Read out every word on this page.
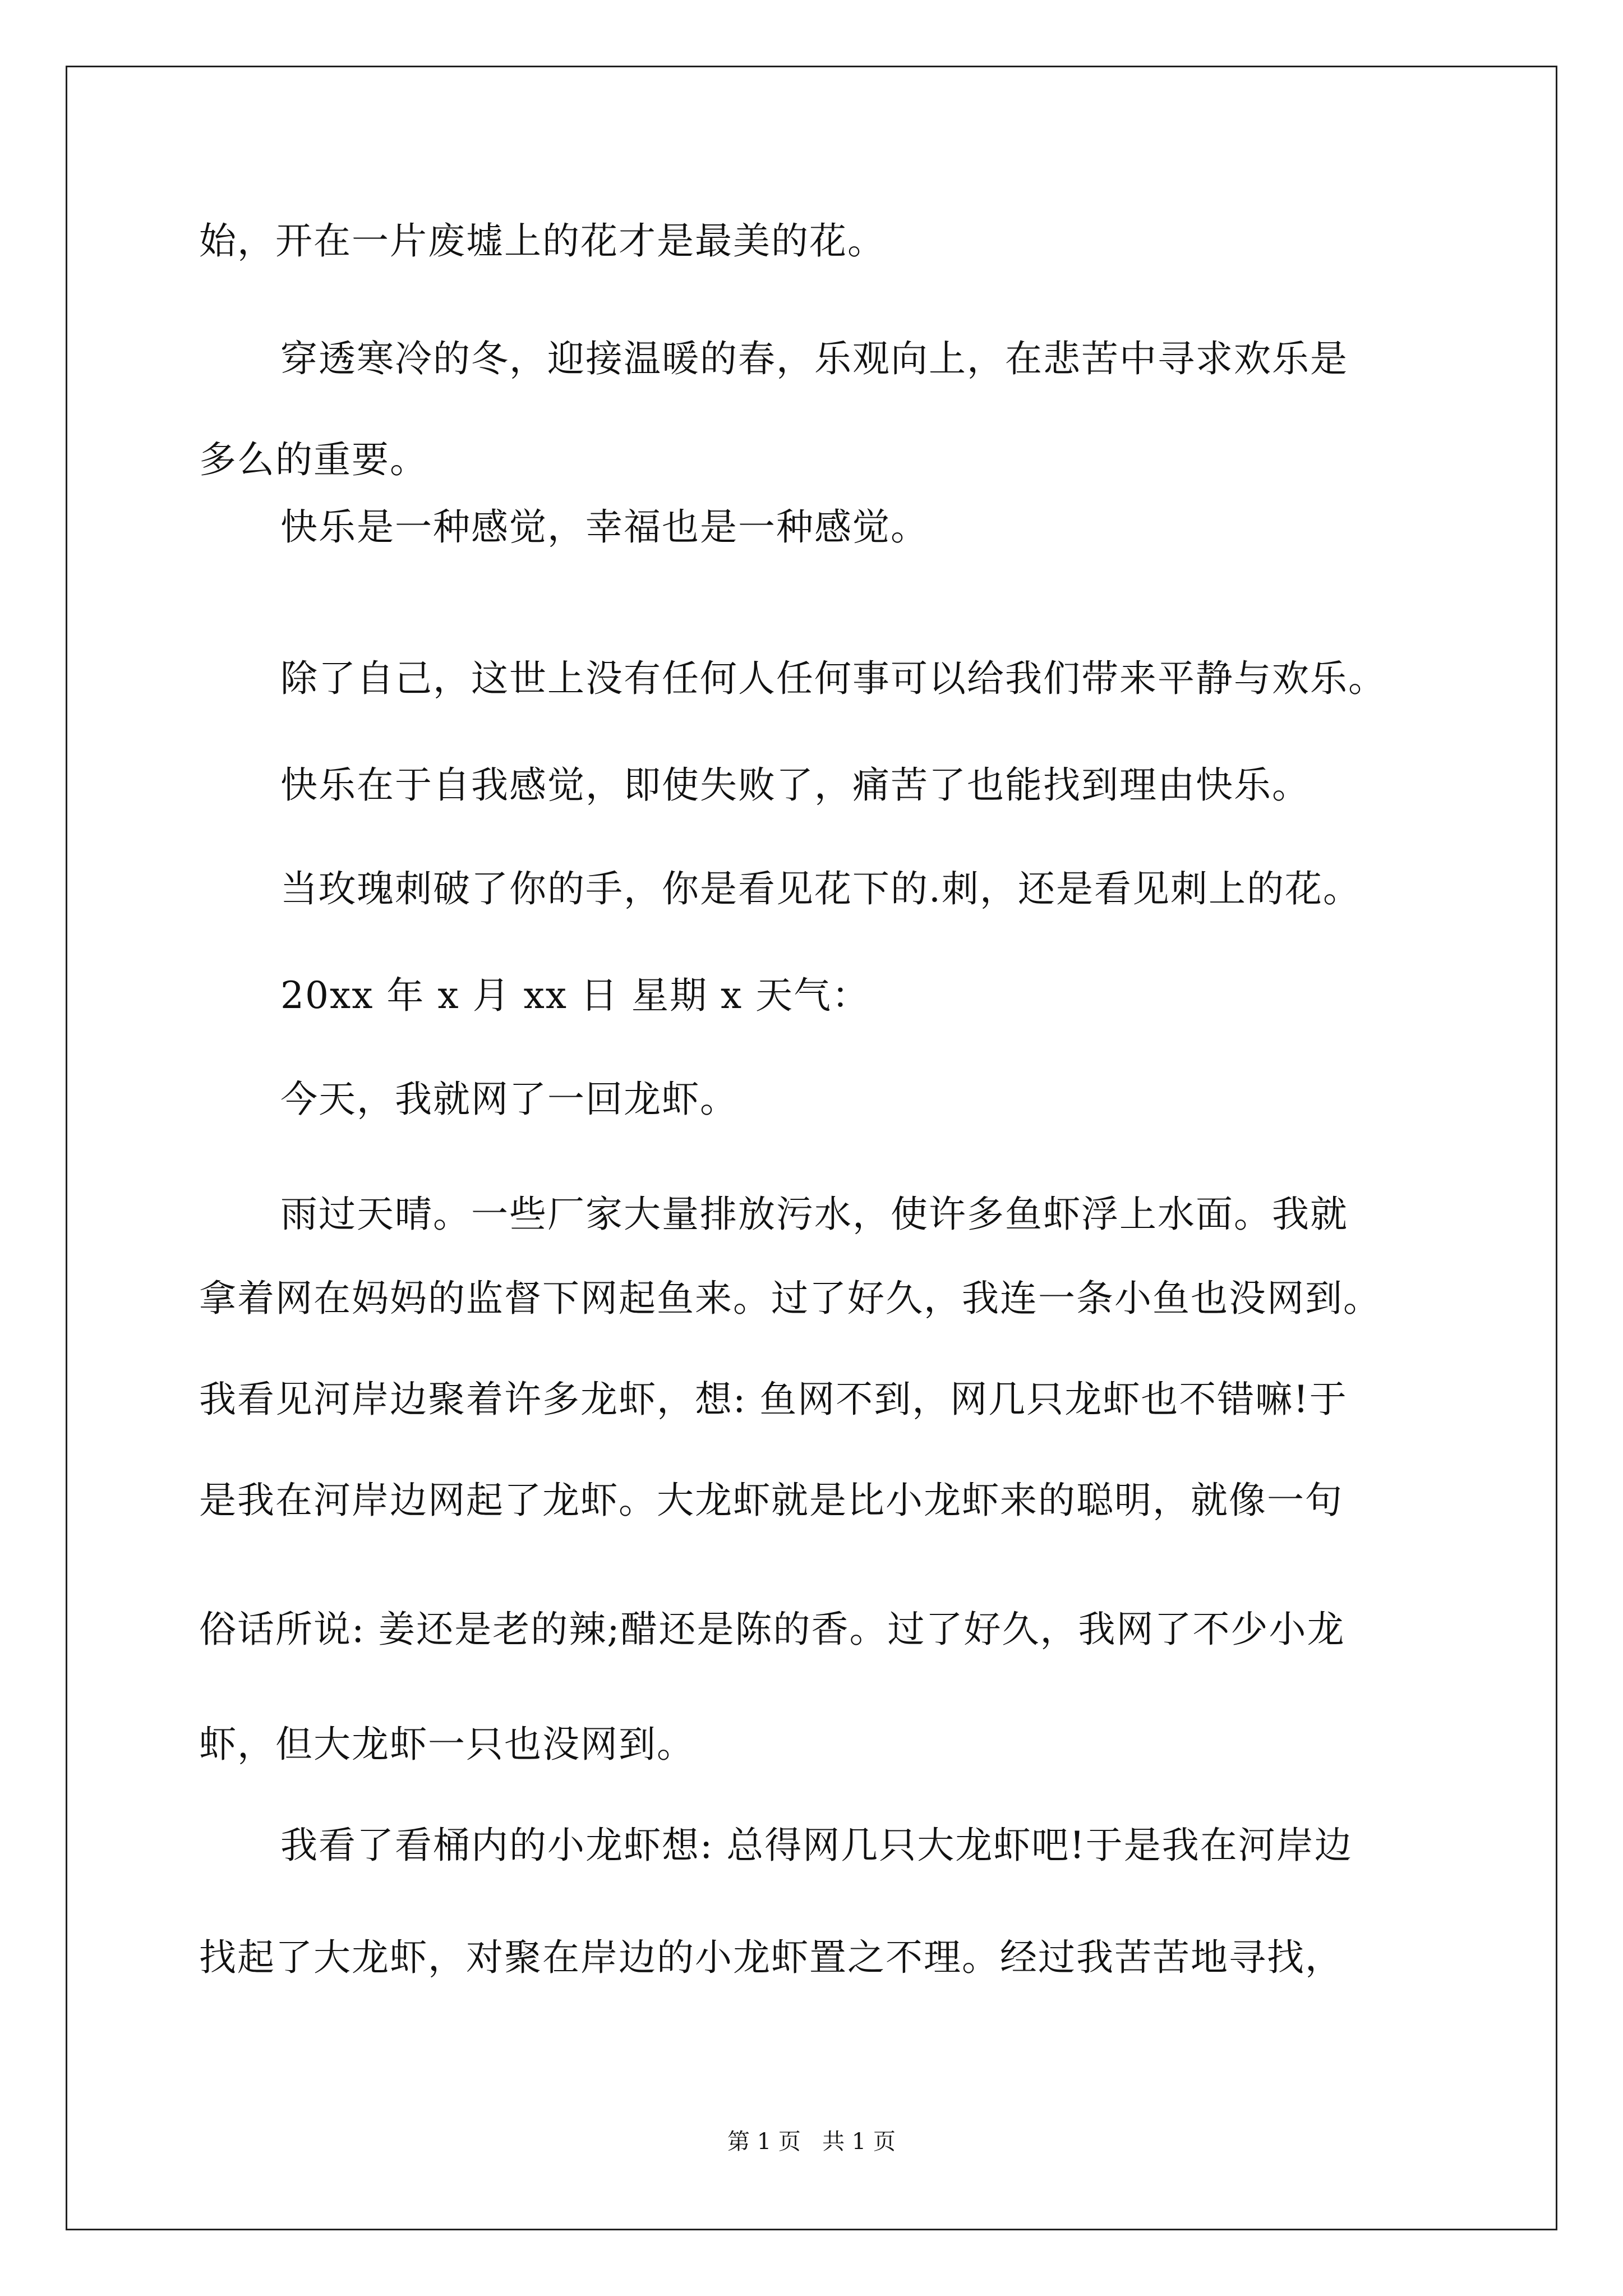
始，开在一片废墟上的花才是最美的花。
穿透寒冷的冬，迎接温暖的春，乐观向上，在悲苦中寻求欢乐是
多么的重要。
快乐是一种感觉，幸福也是一种感觉。
除了自己，这世上没有任何人任何事可以给我们带来平静与欢乐。
快乐在于自我感觉，即使失败了，痛苦了也能找到理由快乐。
当玫瑰刺破了你的手，你是看见花下的.刺，还是看见刺上的花。
20xx 年 x 月 xx 日 星期 x 天气：
今天，我就网了一回龙虾。
雨过天晴。一些厂家大量排放污水，使许多鱼虾浮上水面。我就
拿着网在妈妈的监督下网起鱼来。过了好久，我连一条小鱼也没网到。
我看见河岸边聚着许多龙虾，想: 鱼网不到，网几只龙虾也不错嘛!于
是我在河岸边网起了龙虾。大龙虾就是比小龙虾来的聪明，就像一句
俗话所说: 姜还是老的辣;醋还是陈的香。过了好久，我网了不少小龙
虾，但大龙虾一只也没网到。
我看了看桶内的小龙虾想: 总得网几只大龙虾吧!于是我在河岸边
找起了大龙虾，对聚在岸边的小龙虾置之不理。经过我苦苦地寻找，
第 1 页   共 1 页
